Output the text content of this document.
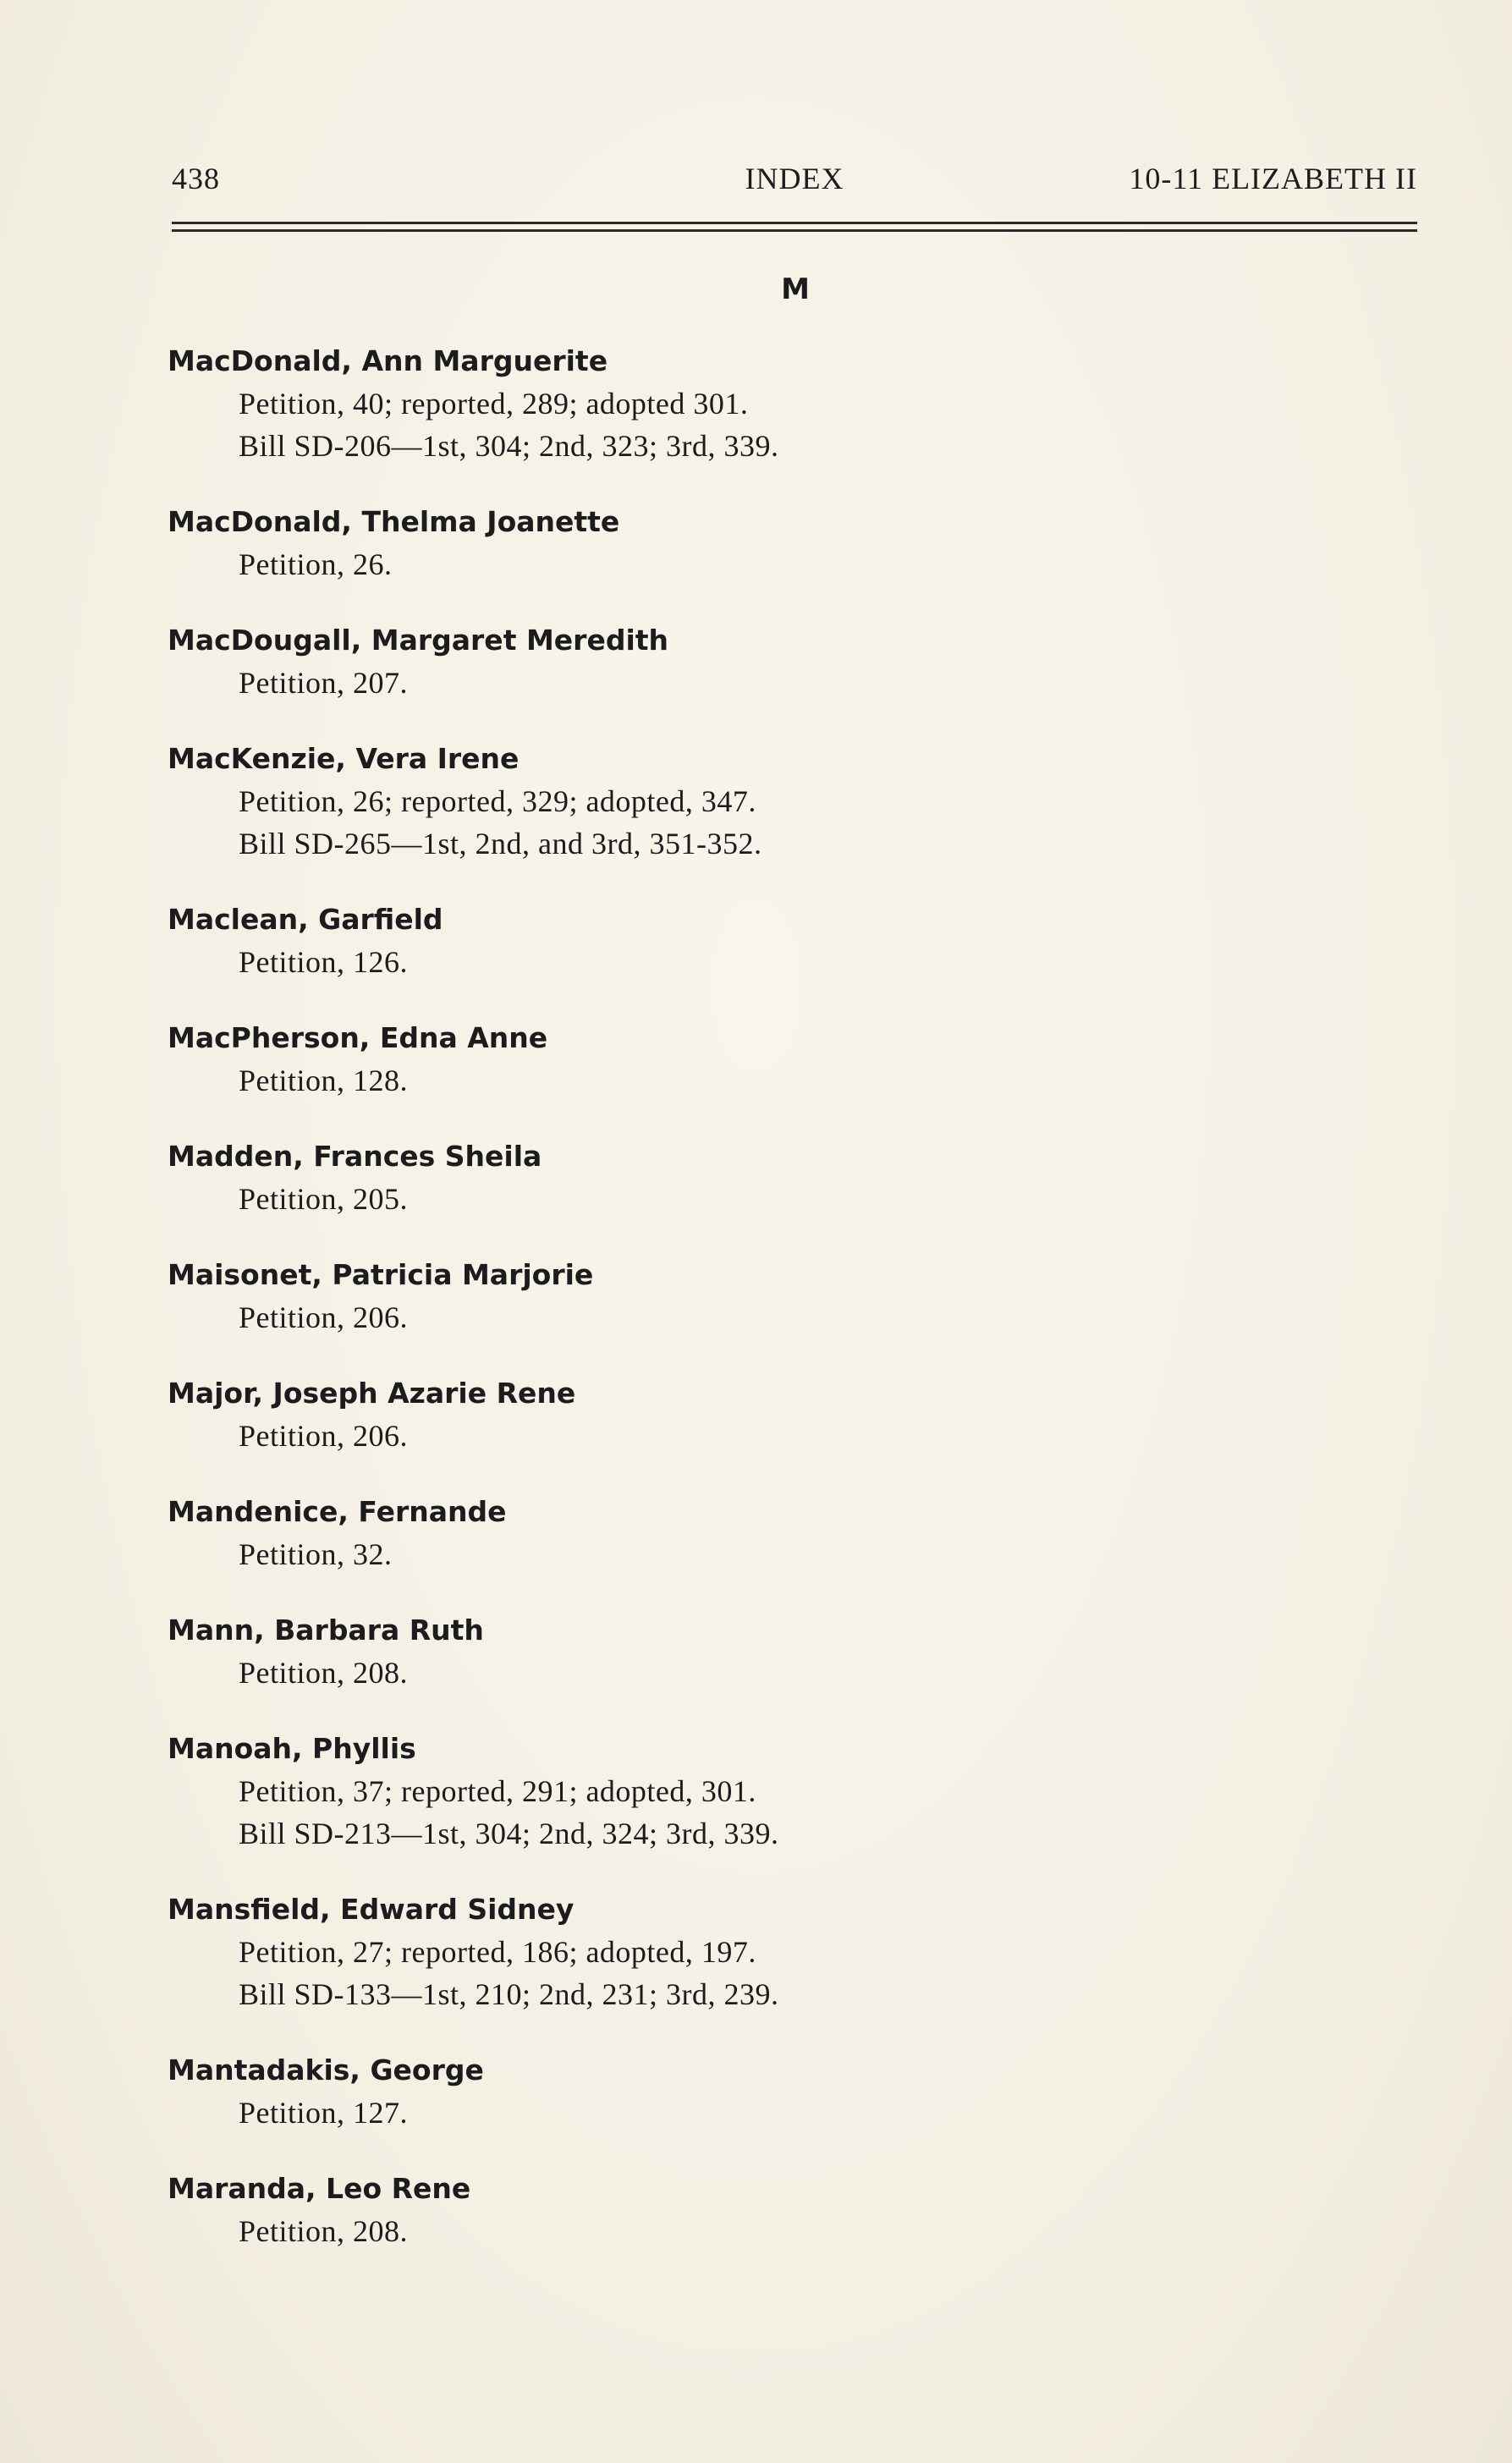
438	INDEX	10-11 ELIZABETH II
M
MacDonald, Ann Marguerite
Petition, 40; reported, 289; adopted 301.
Bill SD-206—1st, 304; 2nd, 323; 3rd, 339.
MacDonald, Thelma Joanette
Petition, 26.
MacDougall, Margaret Meredith
Petition, 207.
MacKenzie, Vera Irene
Petition, 26; reported, 329; adopted, 347.
Bill SD-265—1st, 2nd, and 3rd, 351-352.
Maclean, Garfield
Petition, 126.
MacPherson, Edna Anne
Petition, 128.
Madden, Frances Sheila
Petition, 205.
Maisonet, Patricia Marjorie
Petition, 206.
Major, Joseph Azarie Rene
Petition, 206.
Mandenice, Fernande
Petition, 32.
Mann, Barbara Ruth
Petition, 208.
Manoah, Phyllis
Petition, 37; reported, 291; adopted, 301.
Bill SD-213—1st, 304; 2nd, 324; 3rd, 339.
Mansfield, Edward Sidney
Petition, 27; reported, 186; adopted, 197.
Bill SD-133—1st, 210; 2nd, 231; 3rd, 239.
Mantadakis, George
Petition, 127.
Maranda, Leo Rene
Petition, 208.
